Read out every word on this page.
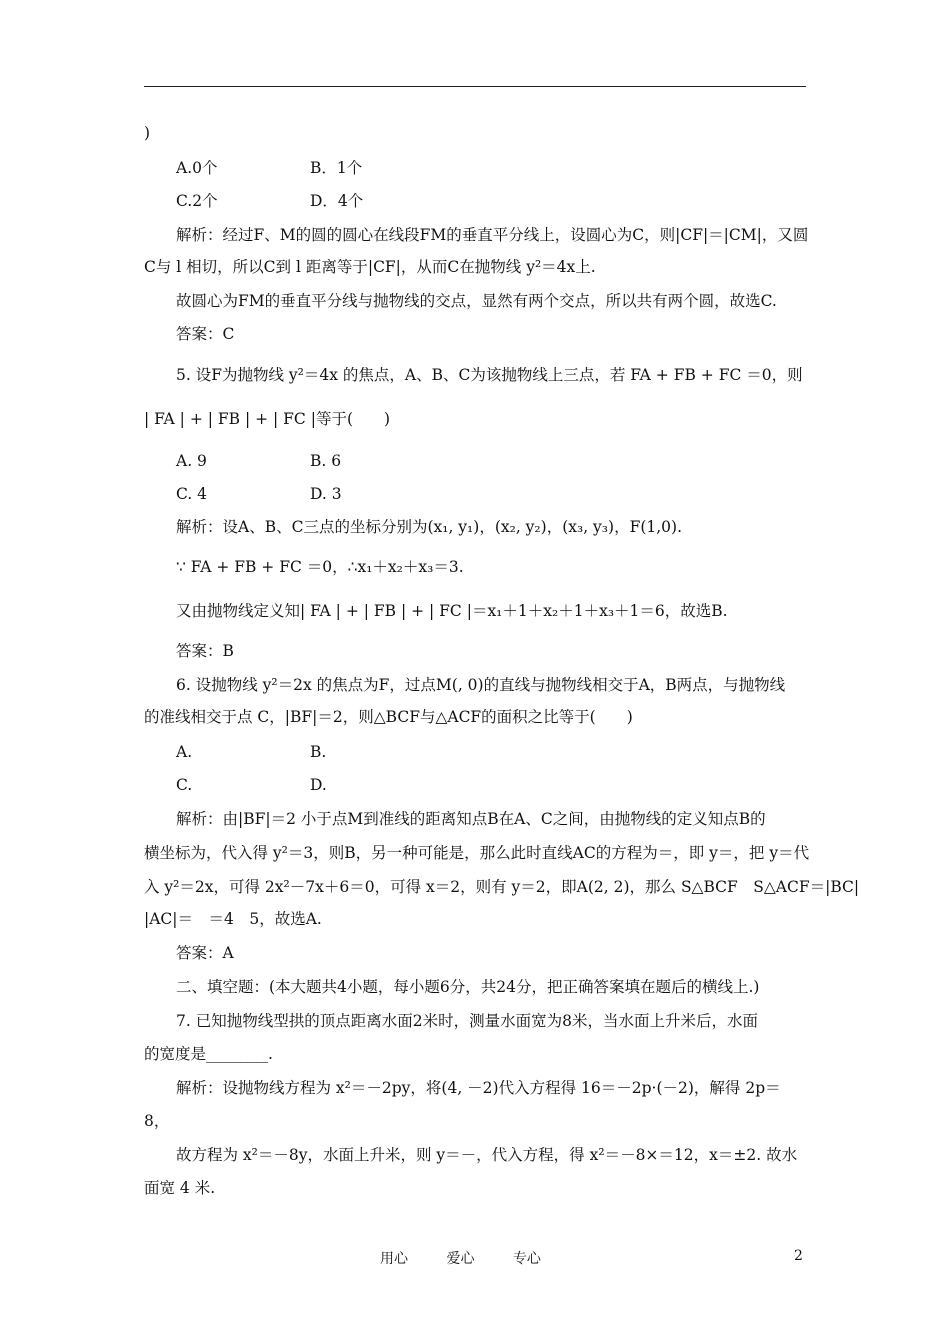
)
A.0个	B．1个
C.2个	D．4个
解析：经过F、M的圆的圆心在线段FM的垂直平分线上，设圆心为C，则|CF|＝|CM|，又圆
C与 l 相切，所以C到 l 距离等于|CF|，从而C在抛物线 y²＝4x上.
故圆心为FM的垂直平分线与抛物线的交点，显然有两个交点，所以共有两个圆，故选C.
答案：C
5. 设F为抛物线 y²＝4x 的焦点，A、B、C为该抛物线上三点，若 FA + FB + FC ＝0，则
| FA | + | FB | + | FC |等于(　　)
A. 9	B. 6
C. 4	D. 3
解析：设A、B、C三点的坐标分别为(x₁, y₁)，(x₂, y₂)，(x₃, y₃)，F(1,0).
∵ FA + FB + FC ＝0，∴x₁＋x₂＋x₃＝3.
又由抛物线定义知| FA | + | FB | + | FC |＝x₁＋1＋x₂＋1＋x₃＋1＝6，故选B.
答案：B
6. 设抛物线 y²＝2x 的焦点为F，过点M(, 0)的直线与抛物线相交于A，B两点，与抛物线
的准线相交于点 C，|BF|＝2，则△BCF与△ACF的面积之比等于(　　)
A.	B.
C.	D.
解析：由|BF|＝2 小于点M到准线的距离知点B在A、C之间，由抛物线的定义知点B的
横坐标为，代入得 y²＝3，则B，另一种可能是，那么此时直线AC的方程为＝，即 y＝，把 y＝代
入 y²＝2x，可得 2x²－7x＋6＝0，可得 x＝2，则有 y＝2，即A(2, 2)，那么 S△BCF　S△ACF＝|BC|
|AC|＝　＝4　5，故选A.
答案：A
二、填空题：(本大题共4小题，每小题6分，共24分，把正确答案填在题后的横线上.)
7. 已知抛物线型拱的顶点距离水面2米时，测量水面宽为8米，当水面上升米后，水面
的宽度是________.
解析：设抛物线方程为 x²＝－2py，将(4, －2)代入方程得 16＝－2p·(－2)，解得 2p＝
8，
故方程为 x²＝－8y，水面上升米，则 y＝－，代入方程，得 x²＝－8×＝12，x＝±2. 故水
面宽 4 米.
用心	爱心	专心	2
